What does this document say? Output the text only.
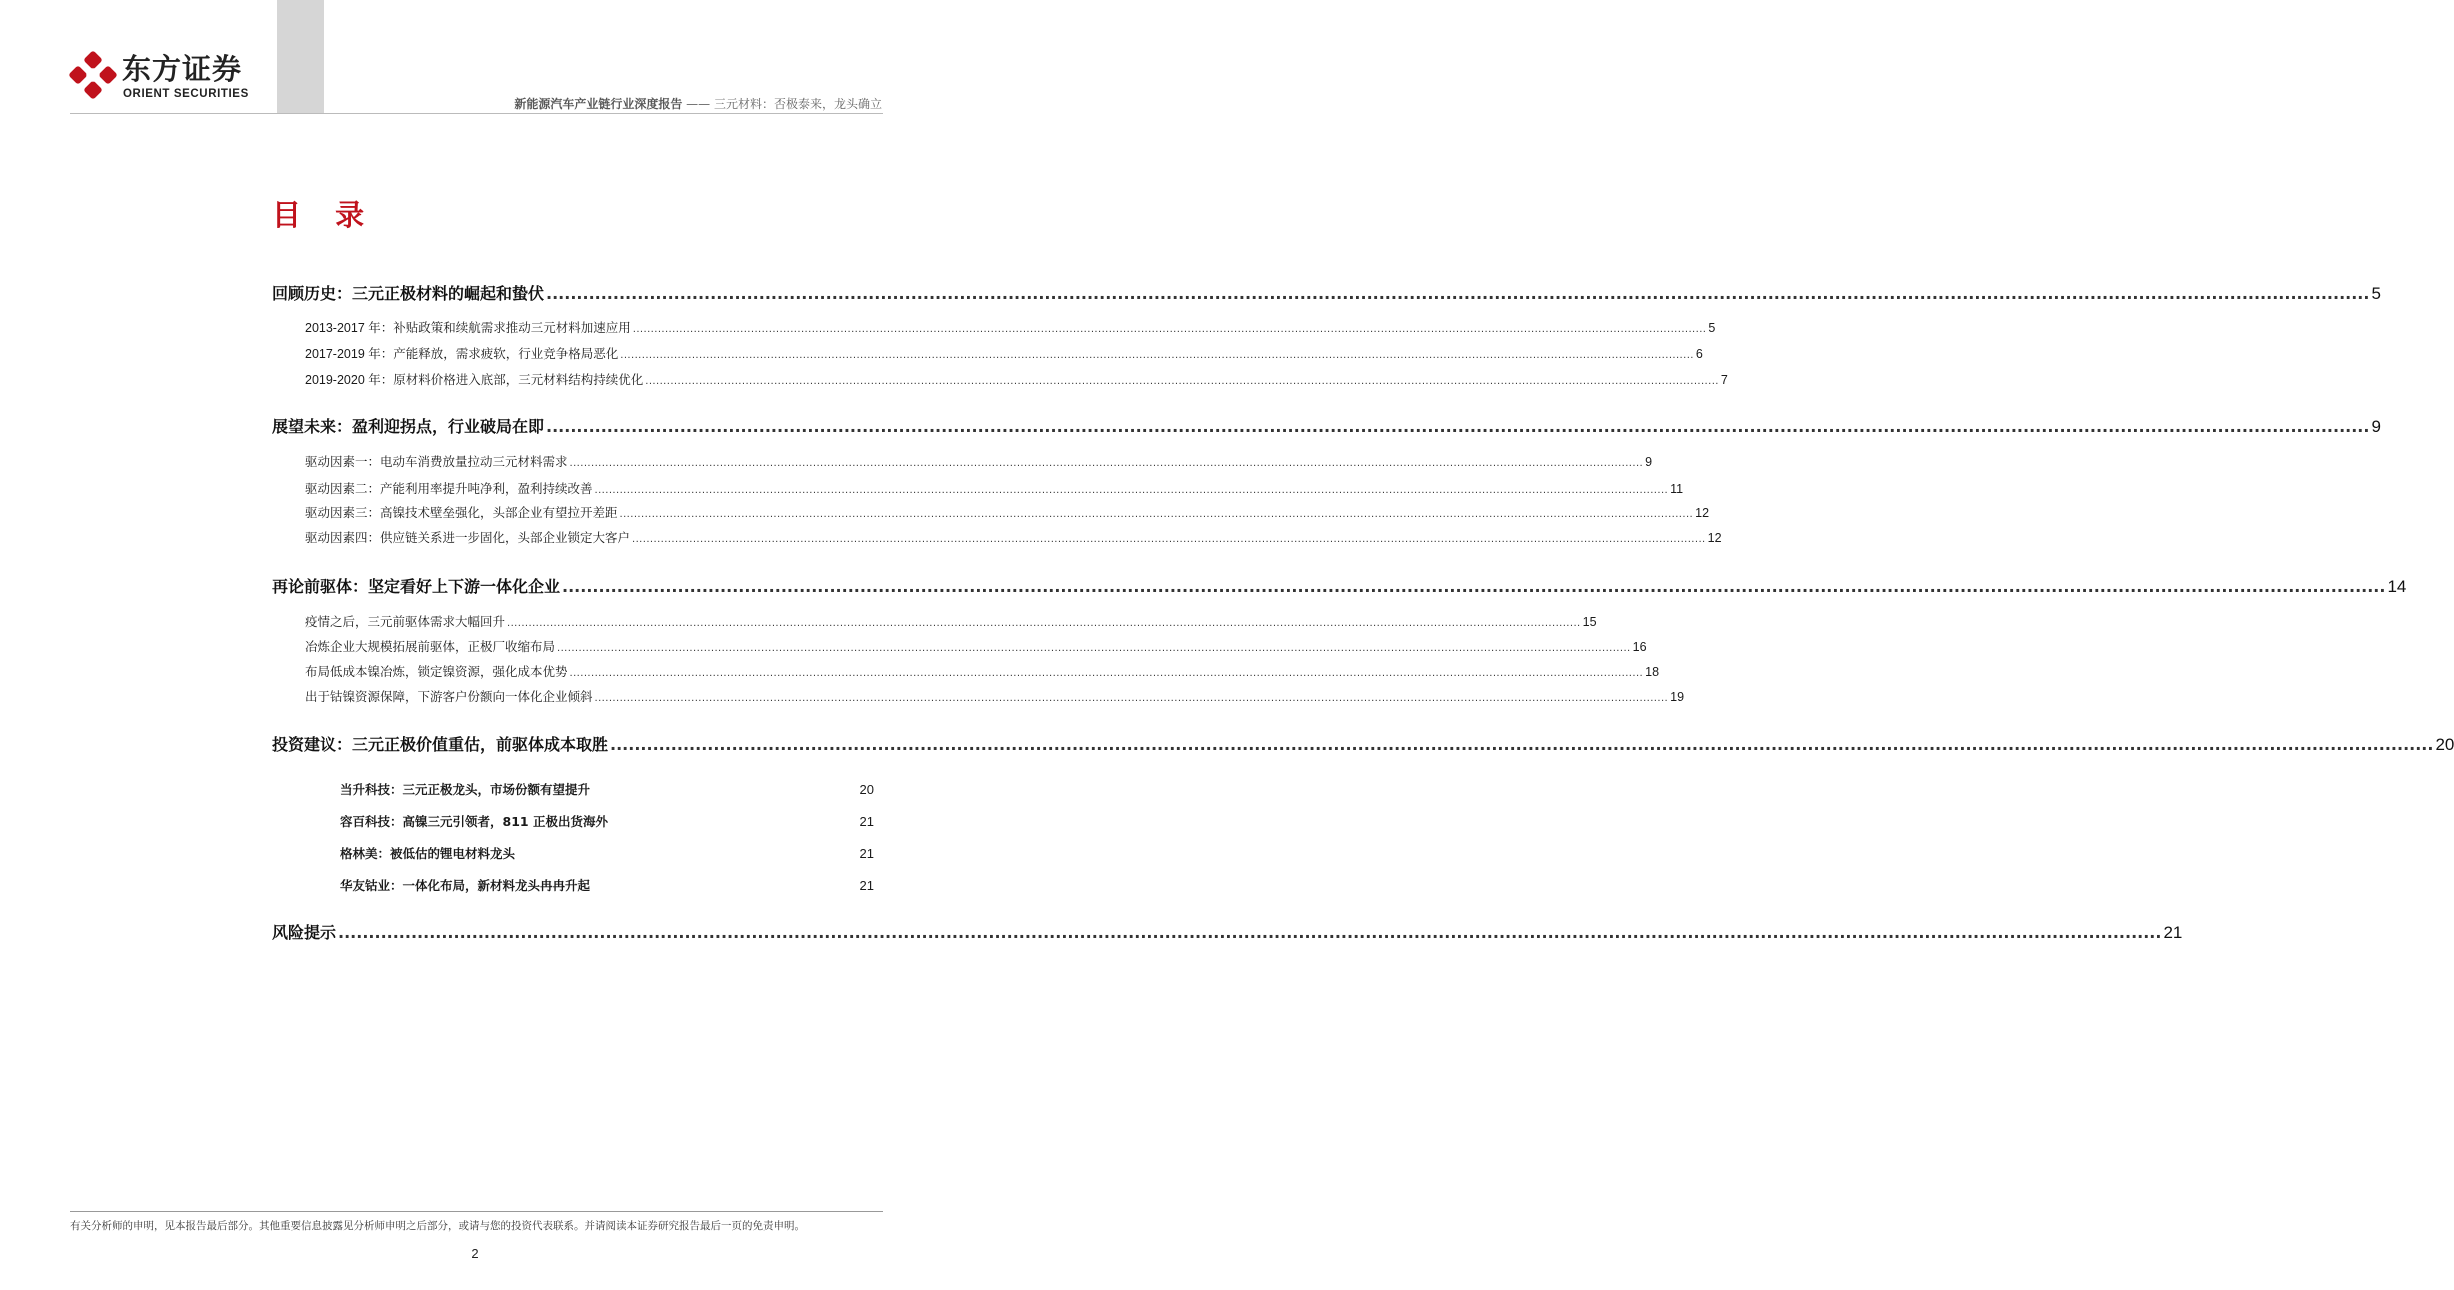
东方证券
ORIENT SECURITIES
新能源汽车产业链行业深度报告 —— 三元材料：否极泰来，龙头确立
目 录
回顾历史：三元正极材料的崛起和蛰伏 ............................................................................................................................................................................................................................................................................................................ 5
2013-2017 年：补贴政策和续航需求推动三元材料加速应用 ............................................................................................................................................................................................................................................................................................................ 5
2017-2019 年：产能释放，需求疲软，行业竞争格局恶化 ............................................................................................................................................................................................................................................................................................................ 6
2019-2020 年：原材料价格进入底部，三元材料结构持续优化 ............................................................................................................................................................................................................................................................................................................ 7
展望未来：盈利迎拐点，行业破局在即 ............................................................................................................................................................................................................................................................................................................ 9
驱动因素一：电动车消费放量拉动三元材料需求 ............................................................................................................................................................................................................................................................................................................ 9
驱动因素二：产能利用率提升吨净利，盈利持续改善 ............................................................................................................................................................................................................................................................................................................ 11
驱动因素三：高镍技术壁垒强化，头部企业有望拉开差距 ............................................................................................................................................................................................................................................................................................................ 12
驱动因素四：供应链关系进一步固化，头部企业锁定大客户 ............................................................................................................................................................................................................................................................................................................ 12
再论前驱体：坚定看好上下游一体化企业 ............................................................................................................................................................................................................................................................................................................ 14
疫情之后，三元前驱体需求大幅回升 ............................................................................................................................................................................................................................................................................................................ 15
冶炼企业大规模拓展前驱体，正极厂收缩布局 ............................................................................................................................................................................................................................................................................................................ 16
布局低成本镍冶炼，锁定镍资源，强化成本优势 ............................................................................................................................................................................................................................................................................................................ 18
出于钴镍资源保障，下游客户份额向一体化企业倾斜 ............................................................................................................................................................................................................................................................................................................ 19
投资建议：三元正极价值重估，前驱体成本取胜 ............................................................................................................................................................................................................................................................................................................ 20
当升科技：三元正极龙头，市场份额有望提升	20
容百科技：高镍三元引领者，811 正极出货海外	21
格林美：被低估的锂电材料龙头	21
华友钴业：一体化布局，新材料龙头冉冉升起	21
风险提示 ............................................................................................................................................................................................................................................................................................................ 21
有关分析师的申明，见本报告最后部分。其他重要信息披露见分析师申明之后部分，或请与您的投资代表联系。并请阅读本证券研究报告最后一页的免责申明。
2
